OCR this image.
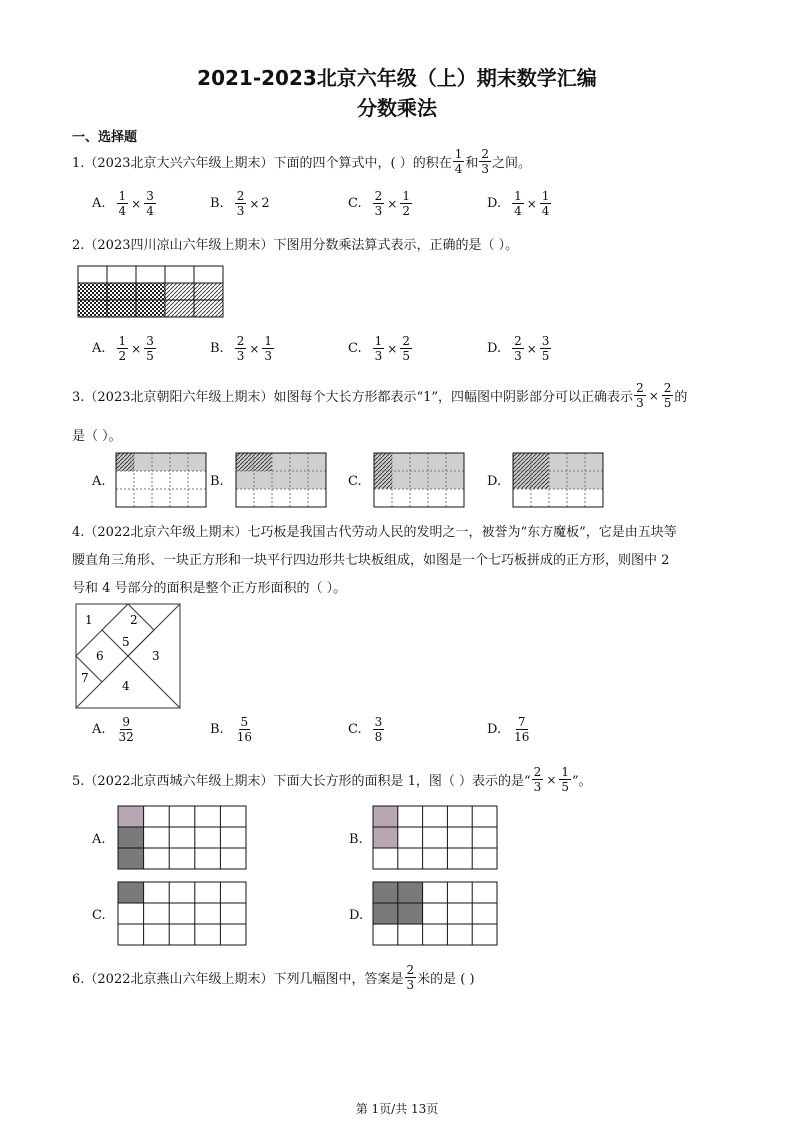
2021-2023北京六年级（上）期末数学汇编
分数乘法
一、选择题
1.（2023北京大兴六年级上期末）下面的四个算式中，( ）的积在 $\frac{1}{4}$ 和 $\frac{2}{3}$ 之间。
A. $\frac{1}{4} \times \frac{3}{4}$	B. $\frac{2}{3} \times 2$	C. $\frac{2}{3} \times \frac{1}{2}$	D. $\frac{1}{4} \times \frac{1}{4}$
2.（2023四川凉山六年级上期末）下图用分数乘法算式表示，正确的是（ ）。
A. $\frac{1}{2} \times \frac{3}{5}$	B. $\frac{2}{3} \times \frac{1}{3}$	C. $\frac{1}{3} \times \frac{2}{5}$	D. $\frac{2}{3} \times \frac{3}{5}$
3.（2023北京朝阳六年级上期末）如图每个大长方形都表示“1”，四幅图中阴影部分可以正确表示 $\frac{2}{3} \times \frac{2}{5}$ 的
是（ ）。
A.	B.	C.	D.
4.（2022北京六年级上期末）七巧板是我国古代劳动人民的发明之一，被誉为“东方魔板”，它是由五块等
腰直角三角形、一块正方形和一块平行四边形共七块板组成，如图是一个七巧板拼成的正方形，则图中 2
号和 4 号部分的面积是整个正方形面积的（ ）。
1	2
5
6	3
7
4
A. $\frac{9}{32}$	B. $\frac{5}{16}$	C. $\frac{3}{8}$	D. $\frac{7}{16}$
5.（2022北京西城六年级上期末）下面大长方形的面积是 1，图（ ）表示的是“ $\frac{2}{3} \times \frac{1}{5}$ ”。
A.	B.
C.	D.
6.（2022北京燕山六年级上期末）下列几幅图中，答案是 $\frac{2}{3}$ 米的是 ( )
第 1页/共 13页
